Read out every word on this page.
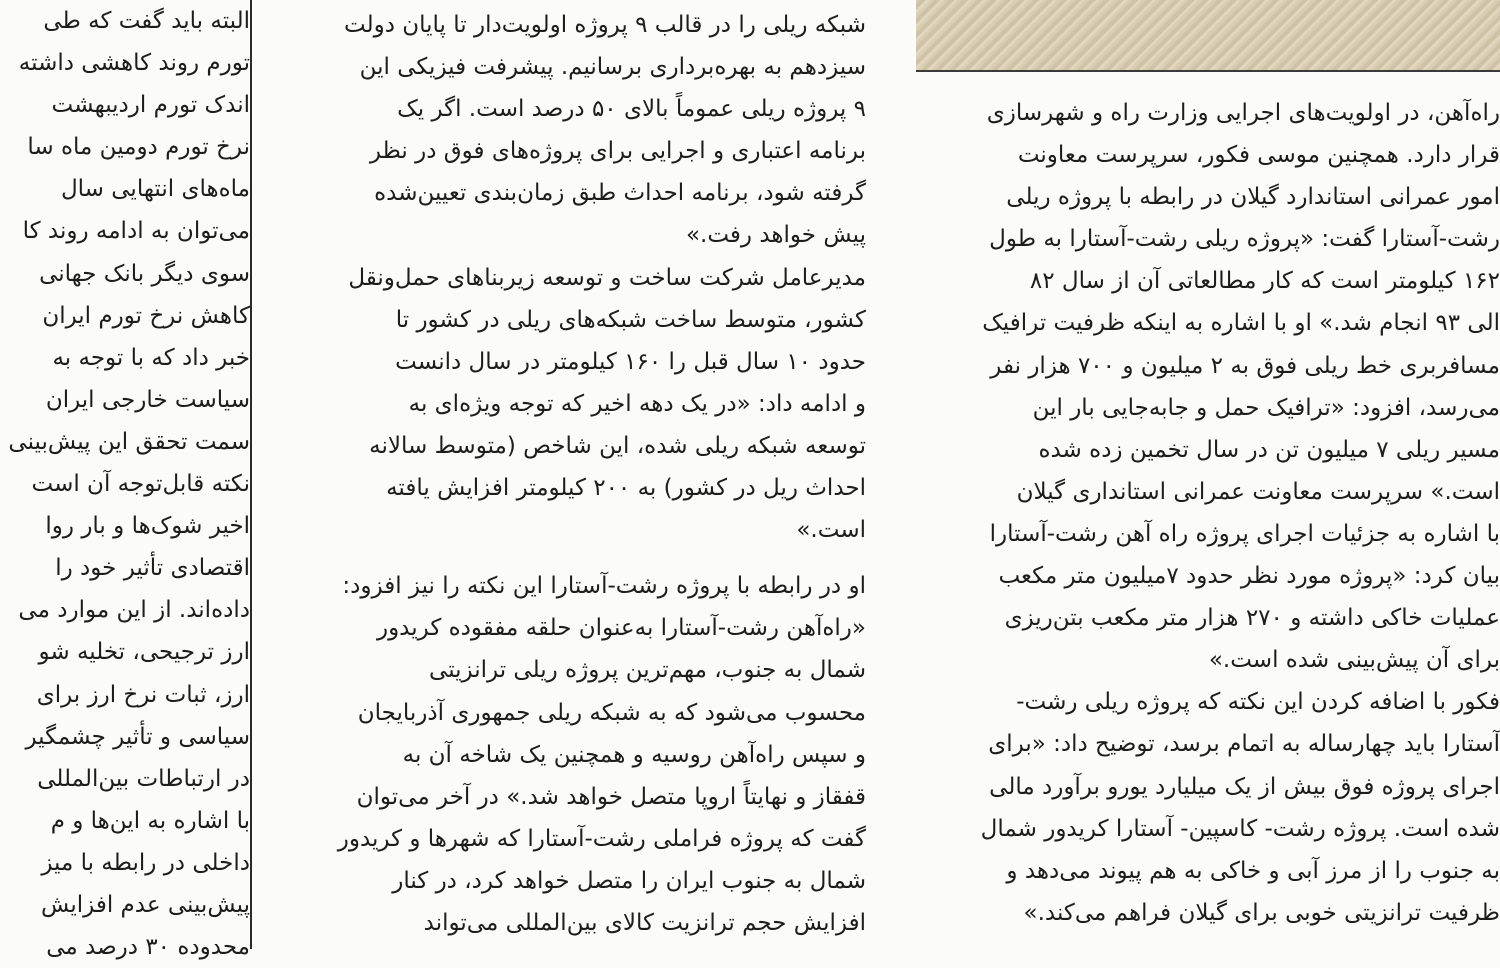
راه‌آهن، در اولویت‌های اجرایی وزارت راه و شهرسازی
قرار دارد. همچنین موسی فکور، سرپرست معاونت
امور عمرانی استاندارد گیلان در رابطه با پروژه ریلی
رشت-آستارا گفت: «پروژه ریلی رشت-آستارا به طول
۱۶۲ کیلومتر است که کار مطالعاتی آن از سال ۸۲
الی ۹۳ انجام شد.» او با اشاره به اینکه ظرفیت ترافیک
مسافربری خط ریلی فوق به ۲ میلیون و ۷۰۰ هزار نفر
می‌رسد، افزود: «ترافیک حمل و جابه‌جایی بار این
مسیر ریلی ۷ میلیون تن در سال تخمین زده شده
است.» سرپرست معاونت عمرانی استانداری گیلان
با اشاره به جزئیات اجرای پروژه راه آهن رشت-آستارا
بیان کرد: «پروژه مورد نظر حدود ۷میلیون متر مکعب
عملیات خاکی داشته و ۲۷۰ هزار متر مکعب بتن‌ریزی
برای آن پیش‌بینی شده است.»
فکور با اضافه کردن این نکته که پروژه ریلی رشت-
آستارا باید چهارساله به اتمام برسد، توضیح داد: «برای
اجرای پروژه فوق بیش از یک میلیارد یورو برآورد مالی
شده است. پروژه رشت- کاسپین- آستارا کریدور شمال
به جنوب را از مرز آبی و خاکی به هم پیوند می‌دهد و
ظرفیت ترانزیتی خوبی برای گیلان فراهم می‌کند.»
شبکه ریلی را در قالب ۹ پروژه اولویت‌دار تا پایان دولت
سیزدهم به بهره‌برداری برسانیم. پیشرفت فیزیکی این
۹ پروژه ریلی عموماً بالای ۵۰ درصد است. اگر یک
برنامه اعتباری و اجرایی برای پروژه‌های فوق در نظر
گرفته شود، برنامه احداث طبق زمان‌بندی تعیین‌شده
پیش خواهد رفت.»
مدیرعامل شرکت ساخت و توسعه زیربناهای حمل‌ونقل
کشور، متوسط ساخت شبکه‌های ریلی در کشور تا
حدود ۱۰ سال قبل را ۱۶۰ کیلومتر در سال دانست
و ادامه داد: «در یک دهه اخیر که توجه ویژه‌ای به
توسعه شبکه ریلی شده، این شاخص (متوسط سالانه
احداث ریل در کشور) به ۲۰۰ کیلومتر افزایش یافته
است.»
او در رابطه با پروژه رشت-آستارا این نکته را نیز افزود:
«راه‌آهن رشت-آستارا به‌عنوان حلقه مفقوده کریدور
شمال به جنوب، مهم‌ترین پروژه ریلی ترانزیتی
محسوب می‌شود که به شبکه ریلی جمهوری آذربایجان
و سپس راه‌آهن روسیه و همچنین یک شاخه آن به
قفقاز و نهایتاً اروپا متصل خواهد شد.» در آخر می‌توان
گفت که پروژه فراملی رشت-آستارا که شهرها و کریدور
شمال به جنوب ایران را متصل خواهد کرد، در کنار
افزایش حجم ترانزیت کالای بین‌المللی می‌تواند
البته باید گفت که طی
تورم روند کاهشی داشته
اندک تورم اردیبهشت
نرخ تورم دومین ماه سا
ماه‌های انتهایی سال
می‌توان به ادامه روند کا
سوی دیگر بانک جهانی
کاهش نرخ تورم ایران
خبر داد که با توجه به
سیاست خارجی ایران
سمت تحقق این پیش‌بینی
نکته قابل‌توجه آن است
اخیر شوک‌ها و بار روا
اقتصادی تأثیر خود را
داده‌اند. از این موارد می
ارز ترجیحی، تخلیه شو
ارز، ثبات نرخ ارز برای
سیاسی و تأثیر چشمگیر
در ارتباطات بین‌المللی
با اشاره به این‌ها و م
داخلی در رابطه با میز
پیش‌بینی عدم افزایش
محدوده ۳۰ درصد می
